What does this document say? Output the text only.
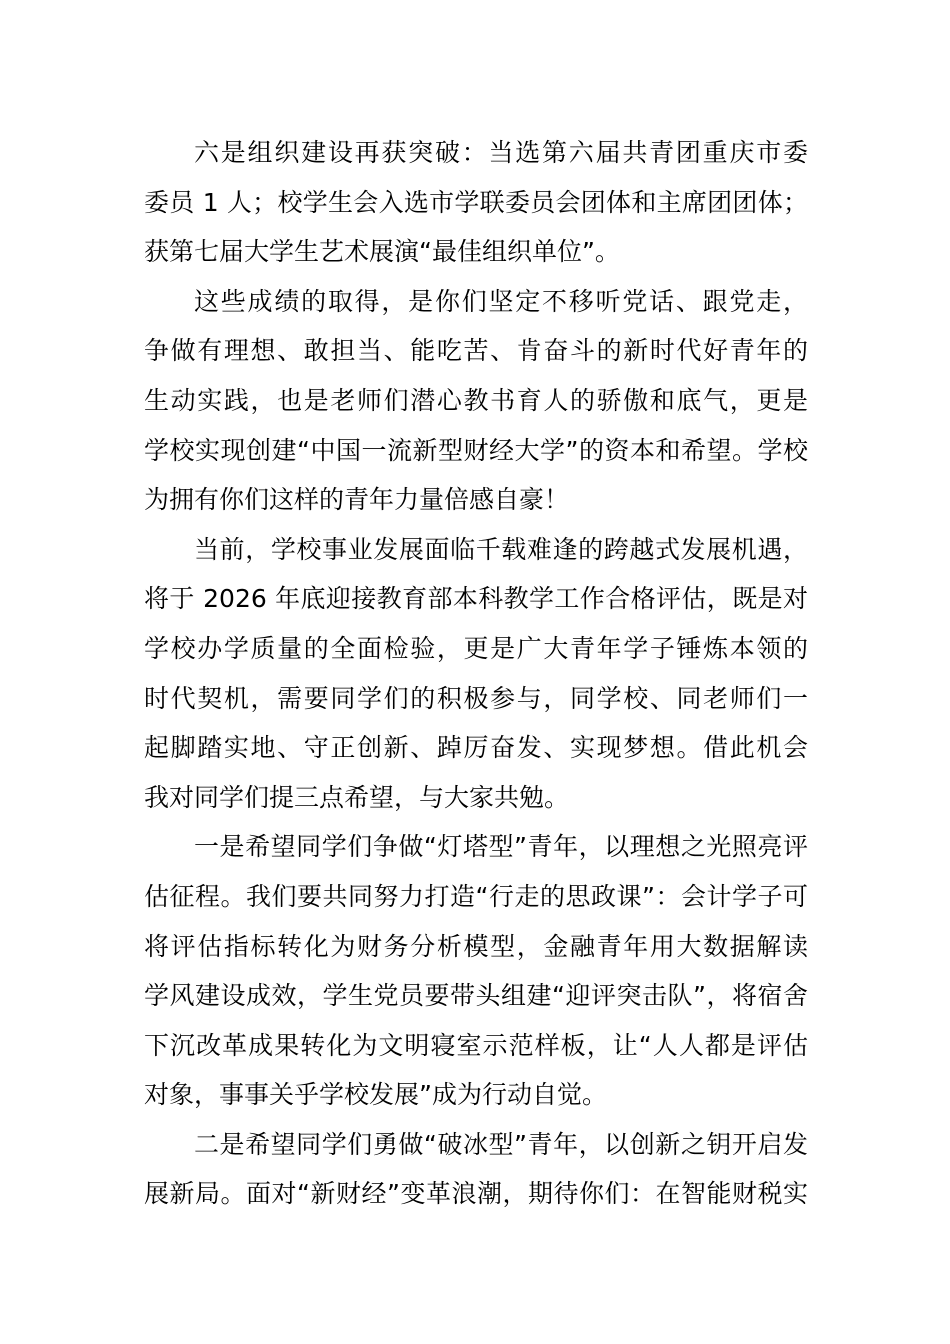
六是组织建设再获突破：当选第六届共青团重庆市委
委员 1 人；校学生会入选市学联委员会团体和主席团团体；
获第七届大学生艺术展演“最佳组织单位”。
这些成绩的取得，是你们坚定不移听党话、跟党走，
争做有理想、敢担当、能吃苦、肯奋斗的新时代好青年的
生动实践，也是老师们潜心教书育人的骄傲和底气，更是
学校实现创建“中国一流新型财经大学”的资本和希望。学校
为拥有你们这样的青年力量倍感自豪！
当前，学校事业发展面临千载难逢的跨越式发展机遇，
将于 2026 年底迎接教育部本科教学工作合格评估，既是对
学校办学质量的全面检验，更是广大青年学子锤炼本领的
时代契机，需要同学们的积极参与，同学校、同老师们一
起脚踏实地、守正创新、踔厉奋发、实现梦想。借此机会
我对同学们提三点希望，与大家共勉。
一是希望同学们争做“灯塔型”青年，以理想之光照亮评
估征程。我们要共同努力打造“行走的思政课”：会计学子可
将评估指标转化为财务分析模型，金融青年用大数据解读
学风建设成效，学生党员要带头组建“迎评突击队”，将宿舍
下沉改革成果转化为文明寝室示范样板，让“人人都是评估
对象，事事关乎学校发展”成为行动自觉。
二是希望同学们勇做“破冰型”青年，以创新之钥开启发
展新局。面对“新财经”变革浪潮，期待你们：在智能财税实
